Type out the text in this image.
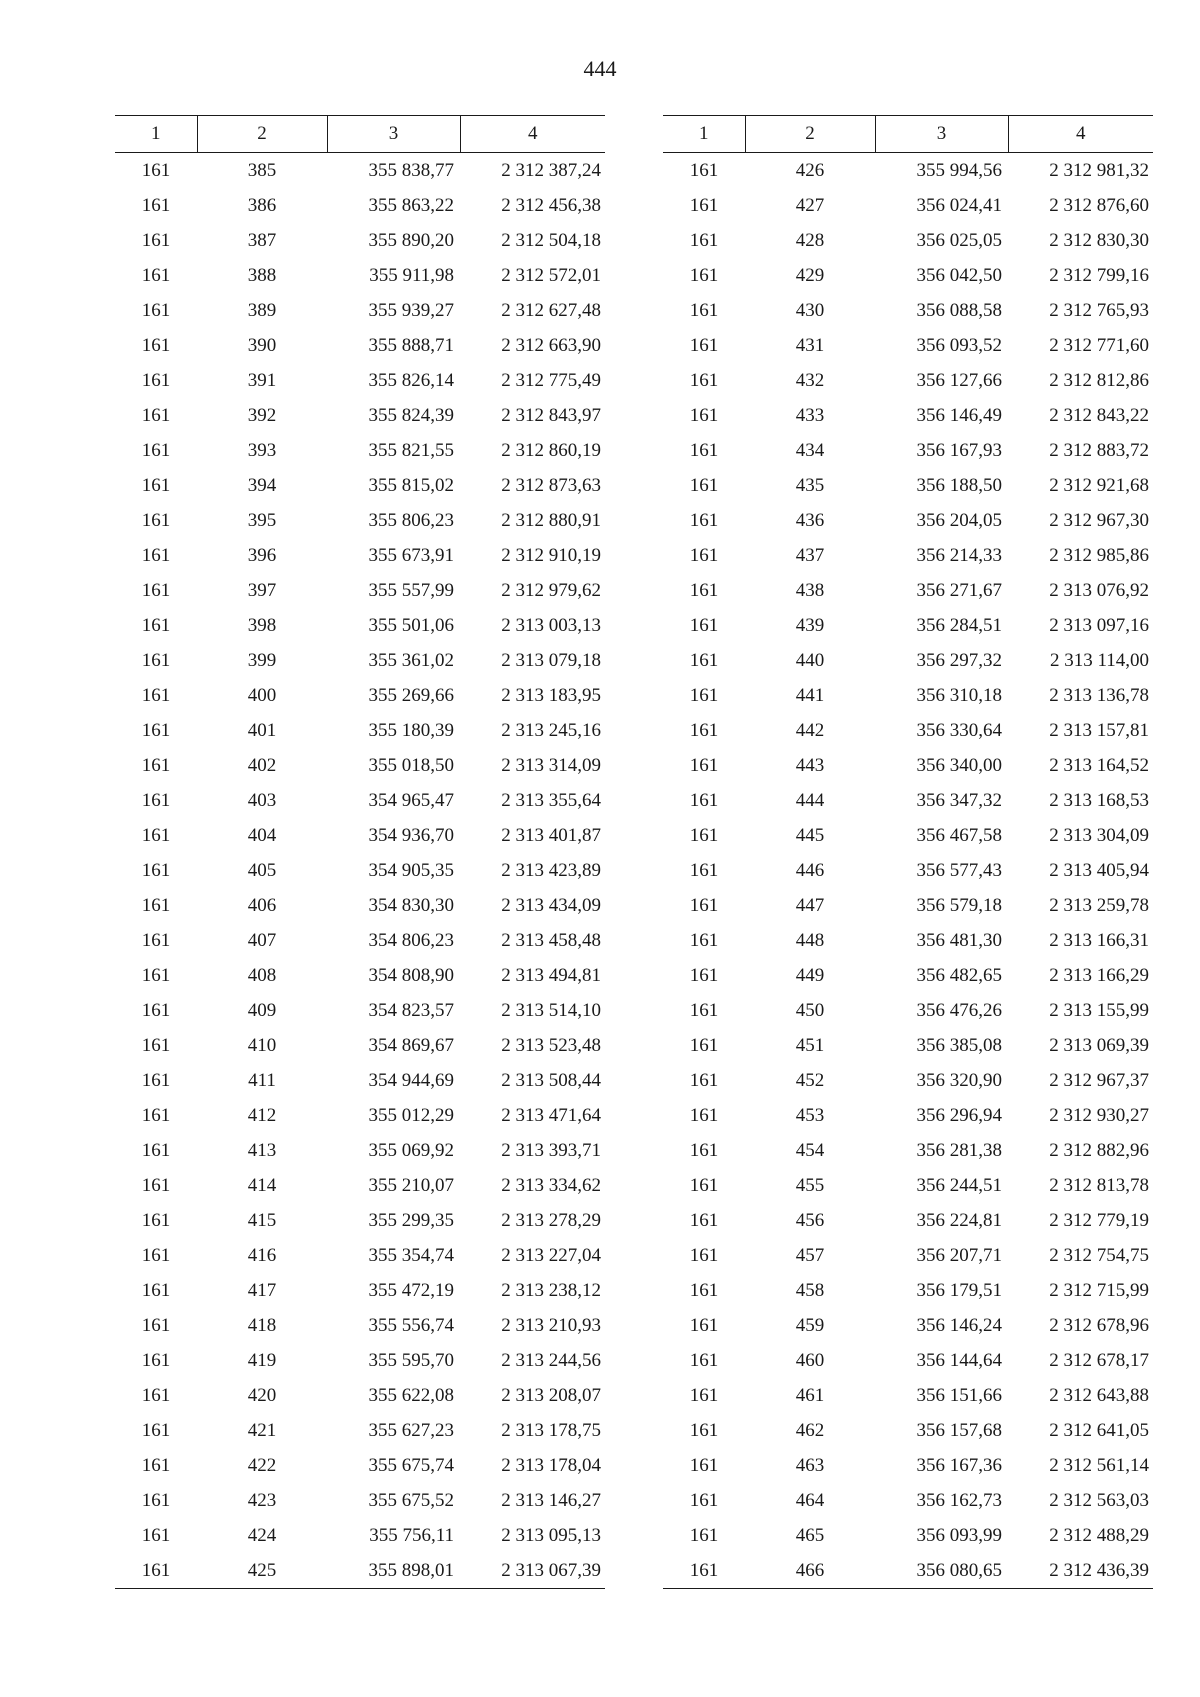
444
1	2	3	4
161	385	355 838,77	2 312 387,24
161	386	355 863,22	2 312 456,38
161	387	355 890,20	2 312 504,18
161	388	355 911,98	2 312 572,01
161	389	355 939,27	2 312 627,48
161	390	355 888,71	2 312 663,90
161	391	355 826,14	2 312 775,49
161	392	355 824,39	2 312 843,97
161	393	355 821,55	2 312 860,19
161	394	355 815,02	2 312 873,63
161	395	355 806,23	2 312 880,91
161	396	355 673,91	2 312 910,19
161	397	355 557,99	2 312 979,62
161	398	355 501,06	2 313 003,13
161	399	355 361,02	2 313 079,18
161	400	355 269,66	2 313 183,95
161	401	355 180,39	2 313 245,16
161	402	355 018,50	2 313 314,09
161	403	354 965,47	2 313 355,64
161	404	354 936,70	2 313 401,87
161	405	354 905,35	2 313 423,89
161	406	354 830,30	2 313 434,09
161	407	354 806,23	2 313 458,48
161	408	354 808,90	2 313 494,81
161	409	354 823,57	2 313 514,10
161	410	354 869,67	2 313 523,48
161	411	354 944,69	2 313 508,44
161	412	355 012,29	2 313 471,64
161	413	355 069,92	2 313 393,71
161	414	355 210,07	2 313 334,62
161	415	355 299,35	2 313 278,29
161	416	355 354,74	2 313 227,04
161	417	355 472,19	2 313 238,12
161	418	355 556,74	2 313 210,93
161	419	355 595,70	2 313 244,56
161	420	355 622,08	2 313 208,07
161	421	355 627,23	2 313 178,75
161	422	355 675,74	2 313 178,04
161	423	355 675,52	2 313 146,27
161	424	355 756,11	2 313 095,13
161	425	355 898,01	2 313 067,39
1	2	3	4
161	426	355 994,56	2 312 981,32
161	427	356 024,41	2 312 876,60
161	428	356 025,05	2 312 830,30
161	429	356 042,50	2 312 799,16
161	430	356 088,58	2 312 765,93
161	431	356 093,52	2 312 771,60
161	432	356 127,66	2 312 812,86
161	433	356 146,49	2 312 843,22
161	434	356 167,93	2 312 883,72
161	435	356 188,50	2 312 921,68
161	436	356 204,05	2 312 967,30
161	437	356 214,33	2 312 985,86
161	438	356 271,67	2 313 076,92
161	439	356 284,51	2 313 097,16
161	440	356 297,32	2 313 114,00
161	441	356 310,18	2 313 136,78
161	442	356 330,64	2 313 157,81
161	443	356 340,00	2 313 164,52
161	444	356 347,32	2 313 168,53
161	445	356 467,58	2 313 304,09
161	446	356 577,43	2 313 405,94
161	447	356 579,18	2 313 259,78
161	448	356 481,30	2 313 166,31
161	449	356 482,65	2 313 166,29
161	450	356 476,26	2 313 155,99
161	451	356 385,08	2 313 069,39
161	452	356 320,90	2 312 967,37
161	453	356 296,94	2 312 930,27
161	454	356 281,38	2 312 882,96
161	455	356 244,51	2 312 813,78
161	456	356 224,81	2 312 779,19
161	457	356 207,71	2 312 754,75
161	458	356 179,51	2 312 715,99
161	459	356 146,24	2 312 678,96
161	460	356 144,64	2 312 678,17
161	461	356 151,66	2 312 643,88
161	462	356 157,68	2 312 641,05
161	463	356 167,36	2 312 561,14
161	464	356 162,73	2 312 563,03
161	465	356 093,99	2 312 488,29
161	466	356 080,65	2 312 436,39
